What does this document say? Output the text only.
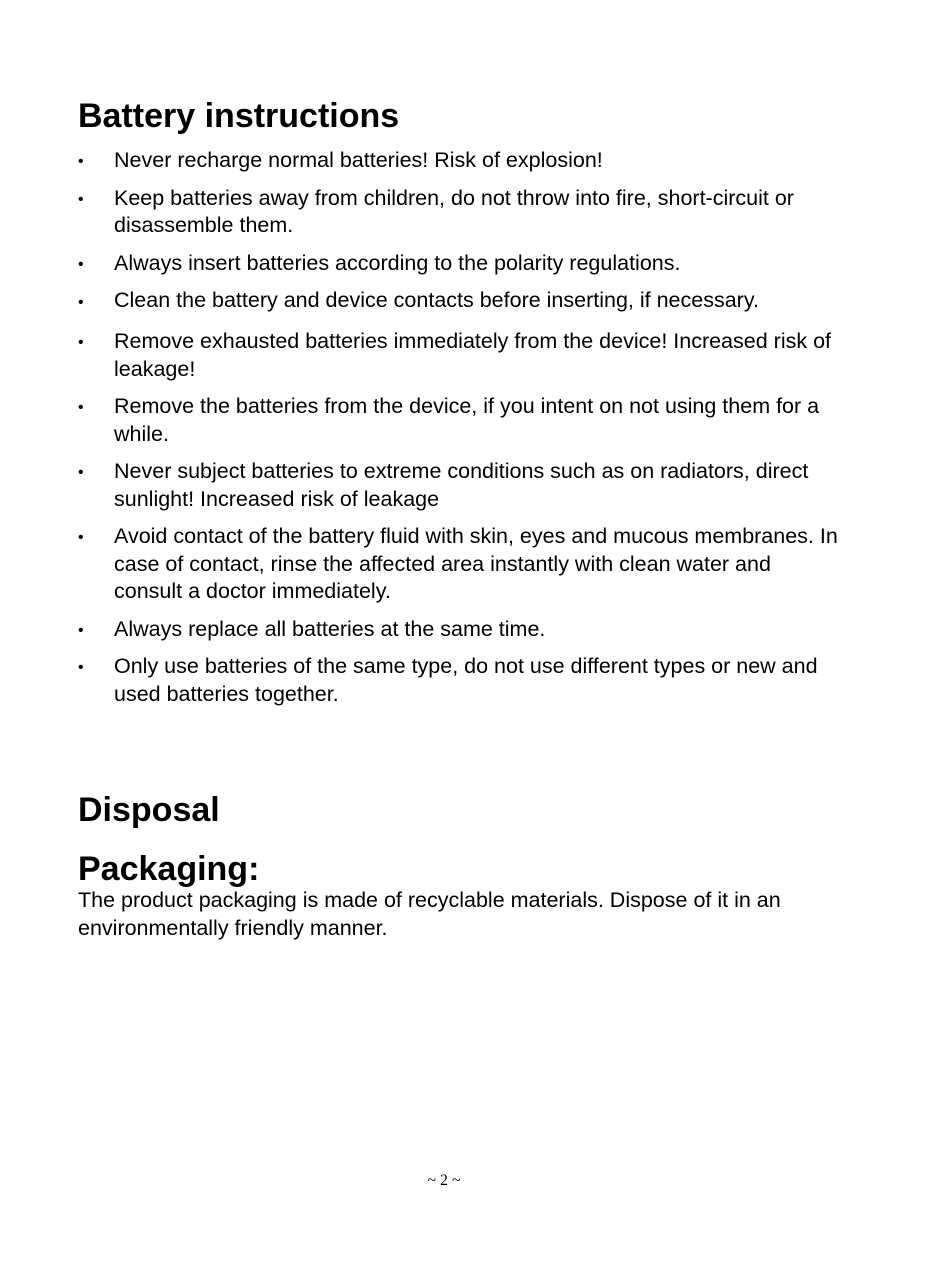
Battery instructions
• Never recharge normal batteries! Risk of explosion!
• Keep batteries away from children, do not throw into fire, short-circuit or disassemble them.
• Always insert batteries according to the polarity regulations.
• Clean the battery and device contacts before inserting, if necessary.
• Remove exhausted batteries immediately from the device! Increased risk of leakage!
• Remove the batteries from the device, if you intent on not using them for a while.
• Never subject batteries to extreme conditions such as on radiators, direct sunlight! Increased risk of leakage
• Avoid contact of the battery fluid with skin, eyes and mucous membranes. In case of contact, rinse the affected area instantly with clean water and consult a doctor immediately.
• Always replace all batteries at the same time.
• Only use batteries of the same type, do not use different types or new and used batteries together.
Disposal
Packaging:

The product packaging is made of recyclable materials. Dispose of it in an environmentally friendly manner.

~ 2 ~
